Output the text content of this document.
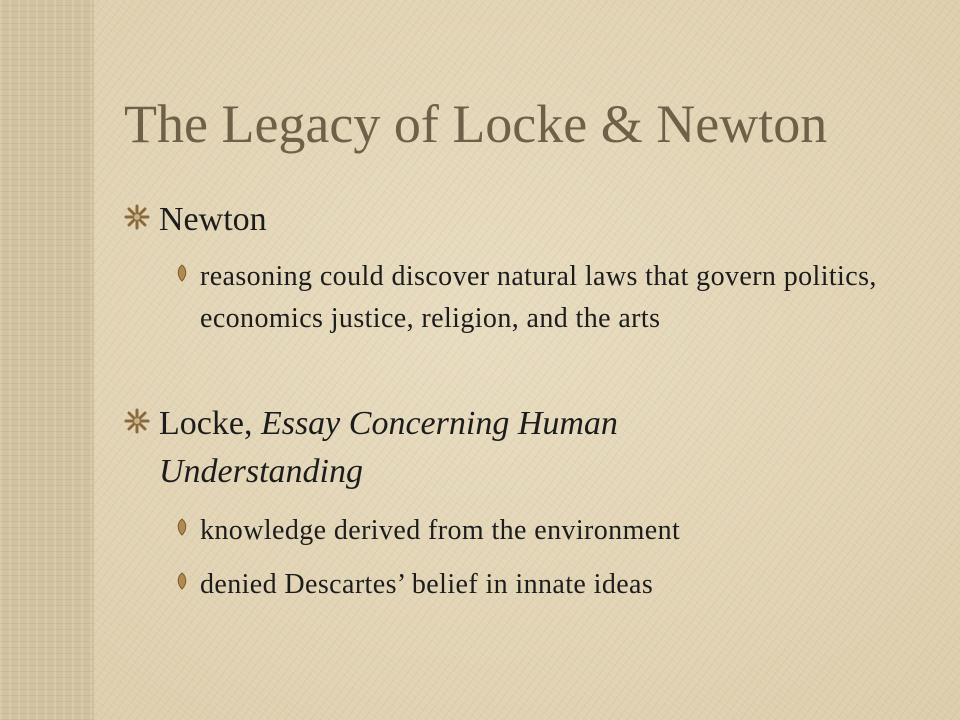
The Legacy of Locke & Newton
Newton
reasoning could discover natural laws that govern politics, economics justice, religion, and the arts
Locke, Essay Concerning Human Understanding
knowledge derived from the environment
denied Descartes’ belief in innate ideas
